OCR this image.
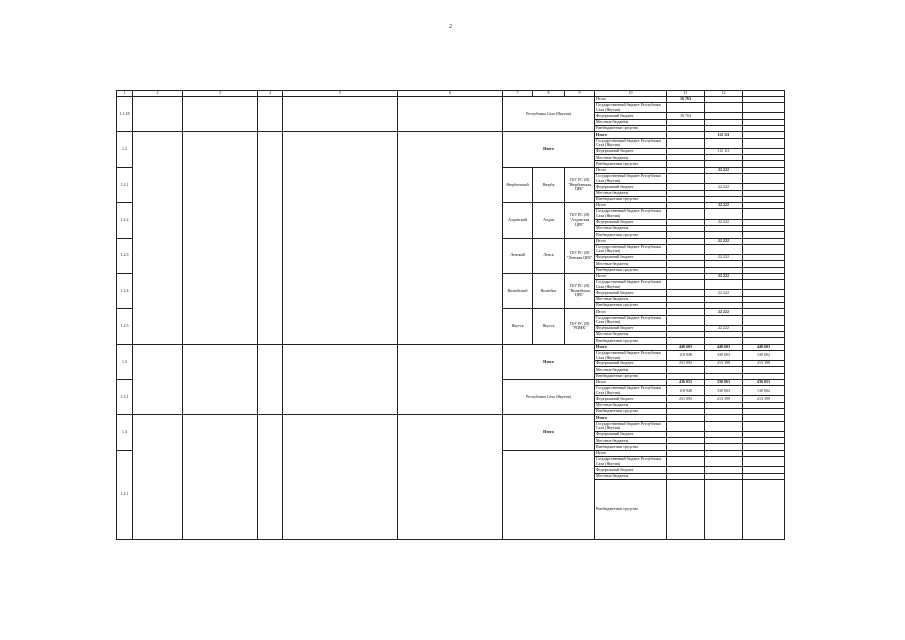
2
1	2	3	4	5	6	7	8	9	10	11	12	
1.1.18						Республика Саха (Якутия)			Итого	16 763		
									Государственный бюджет Республики Саха (Якутия)			
									Федеральный бюджет	16 763		
									Местные бюджеты			
									Внебюджетные средства			
1.2						Итого			Итого		112 111	
									Государственный бюджет Республики Саха (Якутия)			
									Федеральный бюджет		112 111	
									Местные бюджеты			
									Внебюджетные средства			
1.2.1						Нюрбинский	Нюрба	ГБУ РС (Я) "Нюрбинская ЦРБ"	Итого		22 222	
									Государственный бюджет Республики Саха (Якутия)			
									Федеральный бюджет		22 222	
									Местные бюджеты			
									Внебюджетные средства			
1.2.2						Алданский	Алдан	ГБУ РС (Я) "Алданская ЦРБ"	Итого		22 222	
									Государственный бюджет Республики Саха (Якутия)			
									Федеральный бюджет		22 222	
									Местные бюджеты			
									Внебюджетные средства			
1.2.3						Ленский	Ленск	ГБУ РС (Я) "Ленская ЦРБ"	Итого		22 222	
									Государственный бюджет Республики Саха (Якутия)			
									Федеральный бюджет		22 222	
									Местные бюджеты			
									Внебюджетные средства			
1.2.4						Вилюйский	Вилюйск	ГБУ РС (Я) "Вилюйская ЦРБ"	Итого		22 222	
									Государственный бюджет Республики Саха (Якутия)			
									Федеральный бюджет		22 222	
									Местные бюджеты			
									Внебюджетные средства			
1.2.5						Якутск	Якутск	ГБУ РС (Я) "РЦМК"	Итого		22 222	
									Государственный бюджет Республики Саха (Якутия)			
									Федеральный бюджет		22 222	
									Местные бюджеты			
									Внебюджетные средства			
1.3						Итого			Итого	440 603	440 603	440 603
									Государственный бюджет Республики Саха (Якутия)	118 948	330 003	130 002
									Федеральный бюджет	231 093	213 399	213 399
									Местные бюджеты			
									Внебюджетные средства			
1.3.1						Республика Саха (Якутия)			Итого	436 053	330 063	436 053
									Государственный бюджет Республики Саха (Якутия)	118 948	330 003	130 002
									Федеральный бюджет	231 093	213 399	213 399
									Местные бюджеты			
									Внебюджетные средства			
1.4						Итого			Итого			
									Государственный бюджет Республики Саха (Якутия)			
									Федеральный бюджет			
									Местные бюджеты			
									Внебюджетные средства			
1.4.1									Итого			
									Государственный бюджет Республики Саха (Якутия)			
									Федеральный бюджет			
									Местные бюджеты			
									Внебюджетные средства			
